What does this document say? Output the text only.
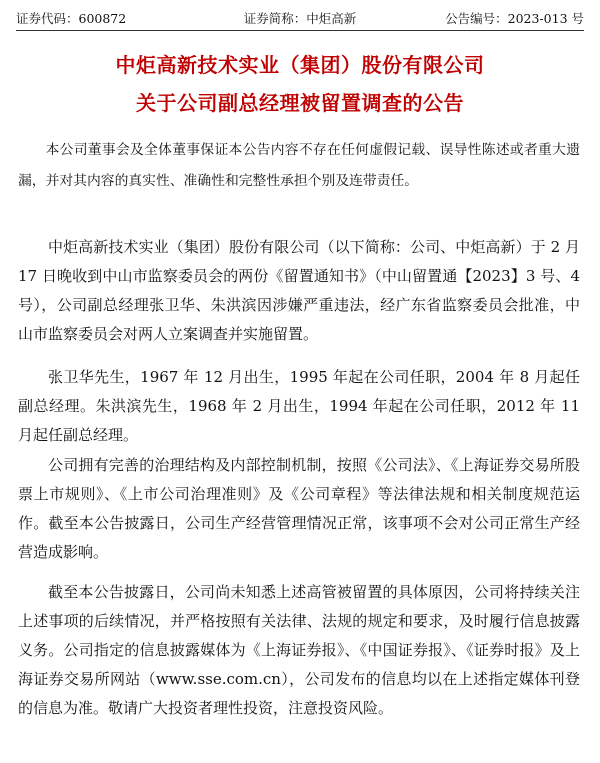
证券代码：600872	证券简称：中炬高新	公告编号：2023-013 号
中炬高新技术实业（集团）股份有限公司
关于公司副总经理被留置调查的公告

本公司董事会及全体董事保证本公告内容不存在任何虚假记载、误导性陈述或者重大遗漏，并对其内容的真实性、准确性和完整性承担个别及连带责任。

中炬高新技术实业（集团）股份有限公司（以下简称：公司、中炬高新）于 2 月 17 日晚收到中山市监察委员会的两份《留置通知书》（中山留置通【2023】3 号、4 号），公司副总经理张卫华、朱洪滨因涉嫌严重违法，经广东省监察委员会批准，中山市监察委员会对两人立案调查并实施留置。

张卫华先生，1967 年 12 月出生，1995 年起在公司任职，2004 年 8 月起任副总经理。朱洪滨先生，1968 年 2 月出生，1994 年起在公司任职，2012 年 11 月起任副总经理。

公司拥有完善的治理结构及内部控制机制，按照《公司法》、《上海证券交易所股票上市规则》、《上市公司治理准则》及《公司章程》等法律法规和相关制度规范运作。截至本公告披露日，公司生产经营管理情况正常，该事项不会对公司正常生产经营造成影响。

截至本公告披露日，公司尚未知悉上述高管被留置的具体原因，公司将持续关注上述事项的后续情况，并严格按照有关法律、法规的规定和要求，及时履行信息披露义务。公司指定的信息披露媒体为《上海证券报》、《中国证券报》、《证券时报》及上海证券交易所网站（www.sse.com.cn），公司发布的信息均以在上述指定媒体刊登的信息为准。敬请广大投资者理性投资，注意投资风险。
